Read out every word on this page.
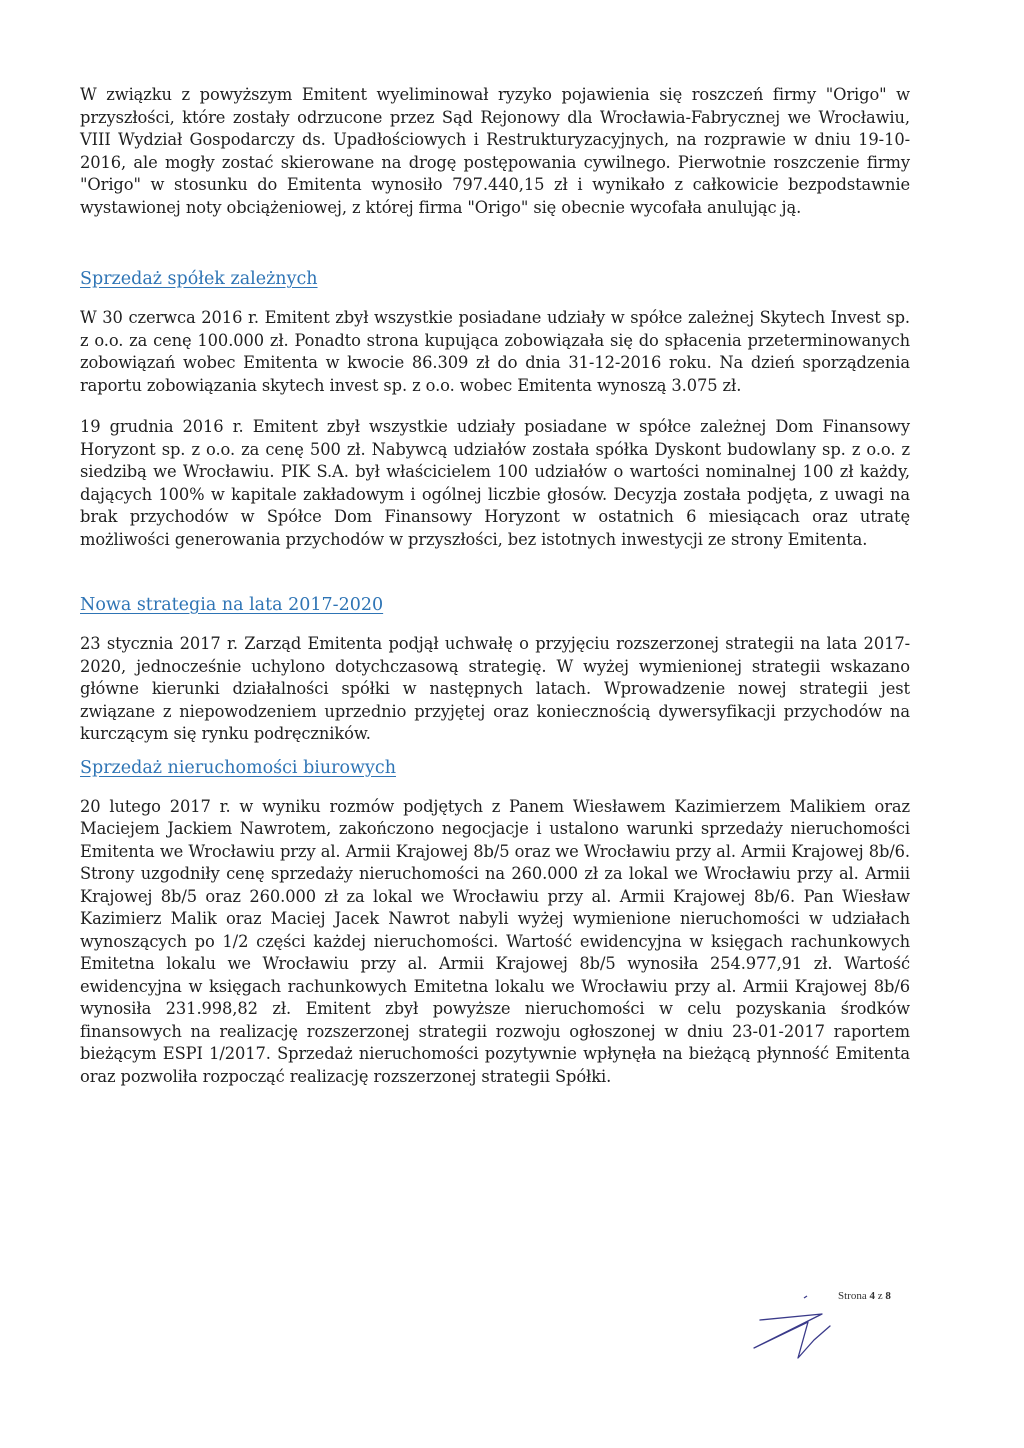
W związku z powyższym Emitent wyeliminował ryzyko pojawienia się roszczeń firmy "Origo" w przyszłości, które zostały odrzucone przez Sąd Rejonowy dla Wrocławia-Fabrycznej we Wrocławiu, VIII Wydział Gospodarczy ds. Upadłościowych i Restrukturyzacyjnych, na rozprawie w dniu 19-10-2016, ale mogły zostać skierowane na drogę postępowania cywilnego. Pierwotnie roszczenie firmy "Origo" w stosunku do Emitenta wynosiło 797.440,15 zł i wynikało z całkowicie bezpodstawnie wystawionej noty obciążeniowej, z której firma "Origo" się obecnie wycofała anulując ją.

Sprzedaż spółek zależnych

W 30 czerwca 2016 r. Emitent zbył wszystkie posiadane udziały w spółce zależnej Skytech Invest sp. z o.o. za cenę 100.000 zł. Ponadto strona kupująca zobowiązała się do spłacenia przeterminowanych zobowiązań wobec Emitenta w kwocie 86.309 zł do dnia 31-12-2016 roku. Na dzień sporządzenia raportu zobowiązania skytech invest sp. z o.o. wobec Emitenta wynoszą 3.075 zł.

19 grudnia 2016 r. Emitent zbył wszystkie udziały posiadane w spółce zależnej Dom Finansowy Horyzont sp. z o.o. za cenę 500 zł. Nabywcą udziałów została spółka Dyskont budowlany sp. z o.o. z siedzibą we Wrocławiu. PIK S.A. był właścicielem 100 udziałów o wartości nominalnej 100 zł każdy, dających 100% w kapitale zakładowym i ogólnej liczbie głosów. Decyzja została podjęta, z uwagi na brak przychodów w Spółce Dom Finansowy Horyzont w ostatnich 6 miesiącach oraz utratę możliwości generowania przychodów w przyszłości, bez istotnych inwestycji ze strony Emitenta.

Nowa strategia na lata 2017-2020

23 stycznia 2017 r. Zarząd Emitenta podjął uchwałę o przyjęciu rozszerzonej strategii na lata 2017-2020, jednocześnie uchylono dotychczasową strategię. W wyżej wymienionej strategii wskazano główne kierunki działalności spółki w następnych latach. Wprowadzenie nowej strategii jest związane z niepowodzeniem uprzednio przyjętej oraz koniecznością dywersyfikacji przychodów na kurczącym się rynku podręczników.

Sprzedaż nieruchomości biurowych

20 lutego 2017 r. w wyniku rozmów podjętych z Panem Wiesławem Kazimierzem Malikiem oraz Maciejem Jackiem Nawrotem, zakończono negocjacje i ustalono warunki sprzedaży nieruchomości Emitenta we Wrocławiu przy al. Armii Krajowej 8b/5 oraz we Wrocławiu przy al. Armii Krajowej 8b/6. Strony uzgodniły cenę sprzedaży nieruchomości na 260.000 zł za lokal we Wrocławiu przy al. Armii Krajowej 8b/5 oraz 260.000 zł za lokal we Wrocławiu przy al. Armii Krajowej 8b/6. Pan Wiesław Kazimierz Malik oraz Maciej Jacek Nawrot nabyli wyżej wymienione nieruchomości w udziałach wynoszących po 1/2 części każdej nieruchomości. Wartość ewidencyjna w księgach rachunkowych Emitetna lokalu we Wrocławiu przy al. Armii Krajowej 8b/5 wynosiła 254.977,91 zł. Wartość ewidencyjna w księgach rachunkowych Emitetna lokalu we Wrocławiu przy al. Armii Krajowej 8b/6 wynosiła 231.998,82 zł. Emitent zbył powyższe nieruchomości w celu pozyskania środków finansowych na realizację rozszerzonej strategii rozwoju ogłoszonej w dniu 23-01-2017 raportem bieżącym ESPI 1/2017. Sprzedaż nieruchomości pozytywnie wpłynęła na bieżącą płynność Emitenta oraz pozwoliła rozpocząć realizację rozszerzonej strategii Spółki.

Strona 4 z 8
